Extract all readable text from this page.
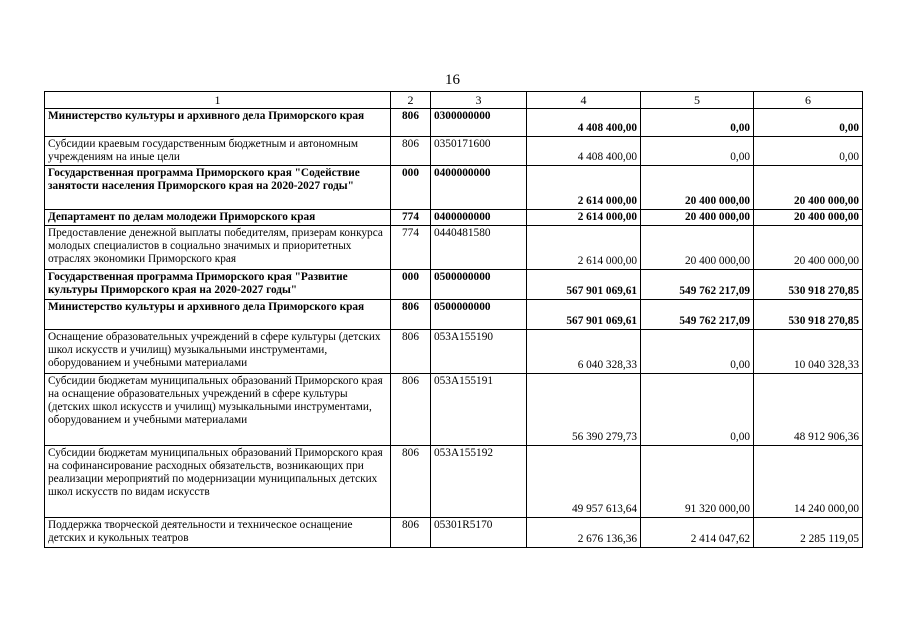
16
1	2	3	4	5	6
Министерство культуры и архивного дела Приморского края	806	0300000000	4 408 400,00	0,00	0,00
Субсидии краевым государственным бюджетным и автономным учреждениям на иные цели	806	0350171600	4 408 400,00	0,00	0,00
Государственная программа Приморского края "Содействие занятости населения Приморского края на 2020-2027 годы"	000	0400000000	2 614 000,00	20 400 000,00	20 400 000,00
Департамент по делам молодежи Приморского края	774	0400000000	2 614 000,00	20 400 000,00	20 400 000,00
Предоставление денежной выплаты победителям, призерам конкурса молодых специалистов в социально значимых и приоритетных отраслях экономики Приморского края	774	0440481580	2 614 000,00	20 400 000,00	20 400 000,00
Государственная программа Приморского края "Развитие культуры Приморского края на 2020-2027 годы"	000	0500000000	567 901 069,61	549 762 217,09	530 918 270,85
Министерство культуры и архивного дела Приморского края	806	0500000000	567 901 069,61	549 762 217,09	530 918 270,85
Оснащение образовательных учреждений в сфере культуры (детских школ искусств и училищ) музыкальными инструментами, оборудованием и учебными материалами	806	053A155190	6 040 328,33	0,00	10 040 328,33
Субсидии бюджетам муниципальных образований Приморского края на оснащение образовательных учреждений в сфере культуры (детских школ искусств и училищ) музыкальными инструментами, оборудованием и учебными материалами	806	053A155191	56 390 279,73	0,00	48 912 906,36
Субсидии бюджетам муниципальных образований Приморского края на софинансирование расходных обязательств, возникающих при реализации мероприятий по модернизации муниципальных детских школ искусств по видам искусств	806	053A155192	49 957 613,64	91 320 000,00	14 240 000,00
Поддержка творческой деятельности и техническое оснащение детских и кукольных театров	806	05301R5170	2 676 136,36	2 414 047,62	2 285 119,05
